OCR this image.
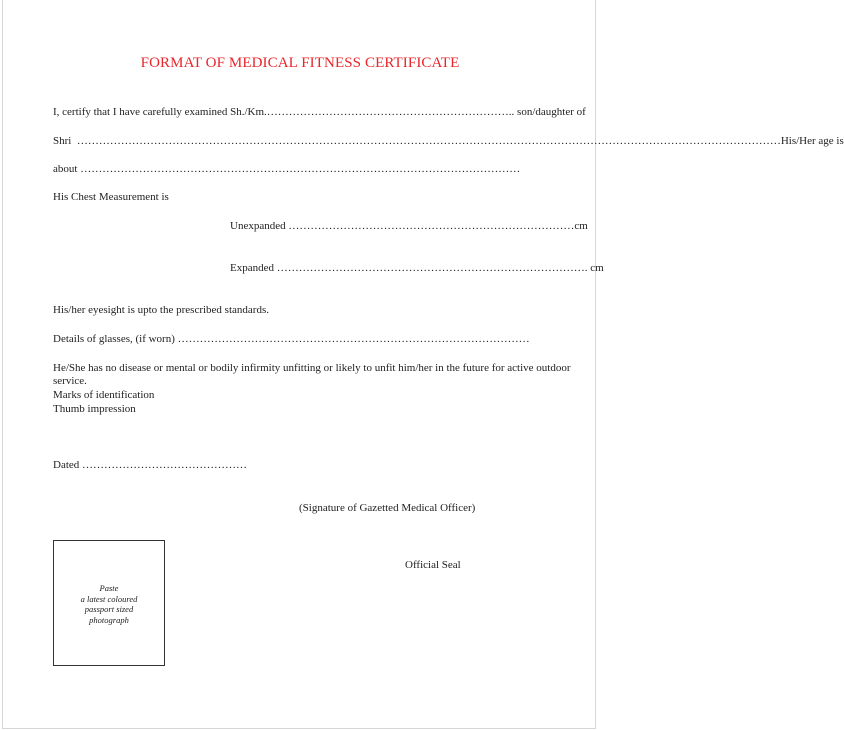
FORMAT OF MEDICAL FITNESS CERTIFICATE
I, certify that I have carefully examined Sh./Km.………………………………………………………….. son/daughter of
Shri  …………………………………………………………………………………………………………………………………………………………………………His/Her age is
about …………………………………………………………………………………………………………
His Chest Measurement is
Unexpanded ……………………………………………………………………cm
Expanded …………………………………………………………………………. cm
His/her eyesight is upto the prescribed standards.
Details of glasses, (if worn) ……………………………………………………………………………………
He/She has no disease or mental or bodily infirmity unfitting or likely to unfit him/her in the future for active outdoor
service.
Marks of identification
Thumb impression
Dated ………………………………………
(Signature of Gazetted Medical Officer)
Official Seal
Paste
a latest coloured
passport sized
photograph
